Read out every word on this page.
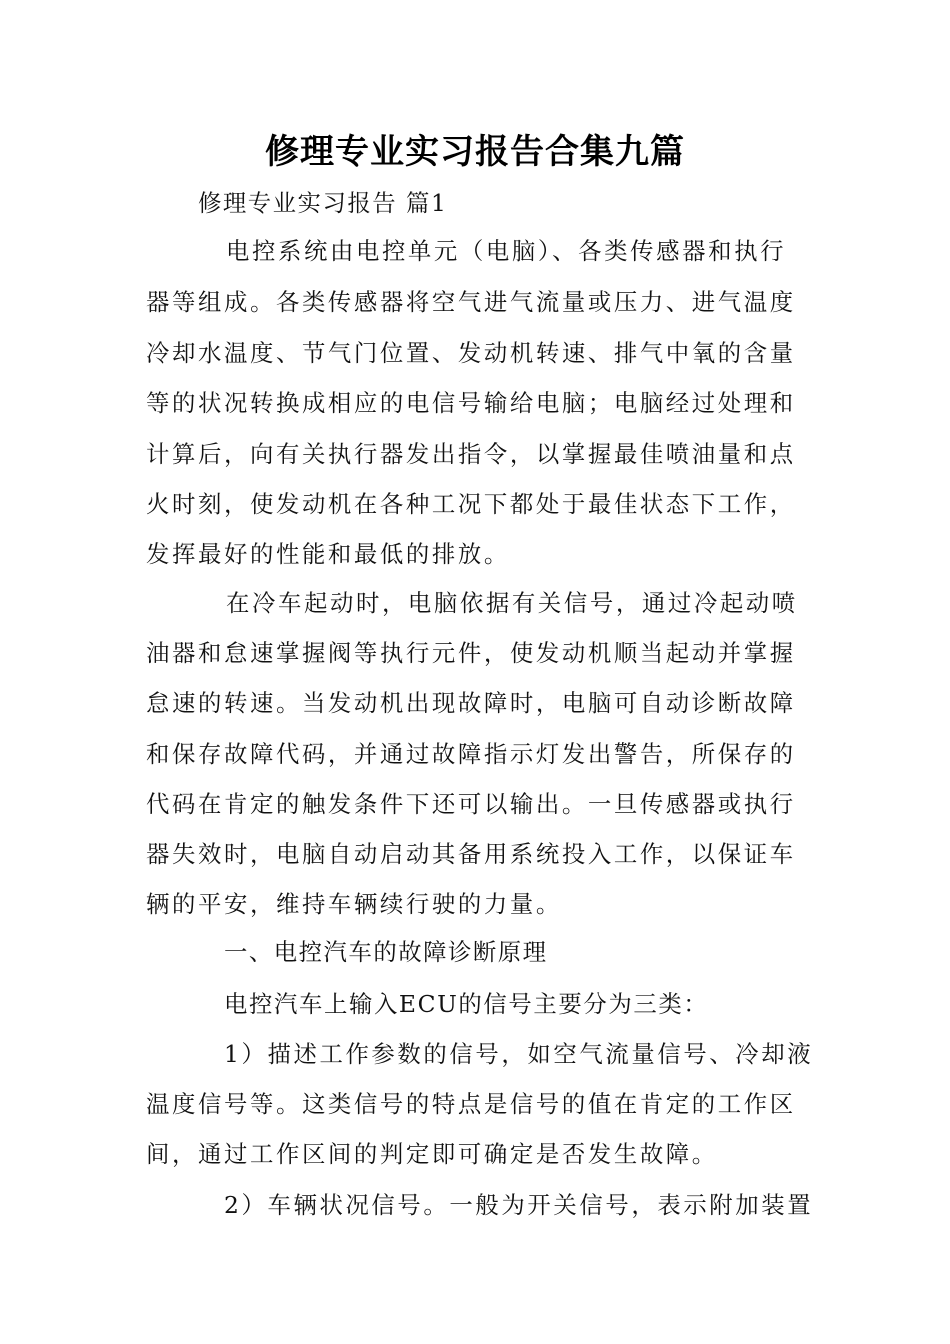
修理专业实习报告合集九篇
修理专业实习报告 篇1
电控系统由电控单元（电脑）、各类传感器和执行
器等组成。各类传感器将空气进气流量或压力、进气温度
冷却水温度、节气门位置、发动机转速、排气中氧的含量
等的状况转换成相应的电信号输给电脑；电脑经过处理和
计算后，向有关执行器发出指令，以掌握最佳喷油量和点
火时刻，使发动机在各种工况下都处于最佳状态下工作，
发挥最好的性能和最低的排放。
在冷车起动时，电脑依据有关信号，通过冷起动喷
油器和怠速掌握阀等执行元件，使发动机顺当起动并掌握
怠速的转速。当发动机出现故障时，电脑可自动诊断故障
和保存故障代码，并通过故障指示灯发出警告，所保存的
代码在肯定的触发条件下还可以输出。一旦传感器或执行
器失效时，电脑自动启动其备用系统投入工作，以保证车
辆的平安，维持车辆续行驶的力量。
一、电控汽车的故障诊断原理
电控汽车上输入ECU的信号主要分为三类：
1）描述工作参数的信号，如空气流量信号、冷却液
温度信号等。这类信号的特点是信号的值在肯定的工作区
间，通过工作区间的判定即可确定是否发生故障。
2）车辆状况信号。一般为开关信号，表示附加装置
